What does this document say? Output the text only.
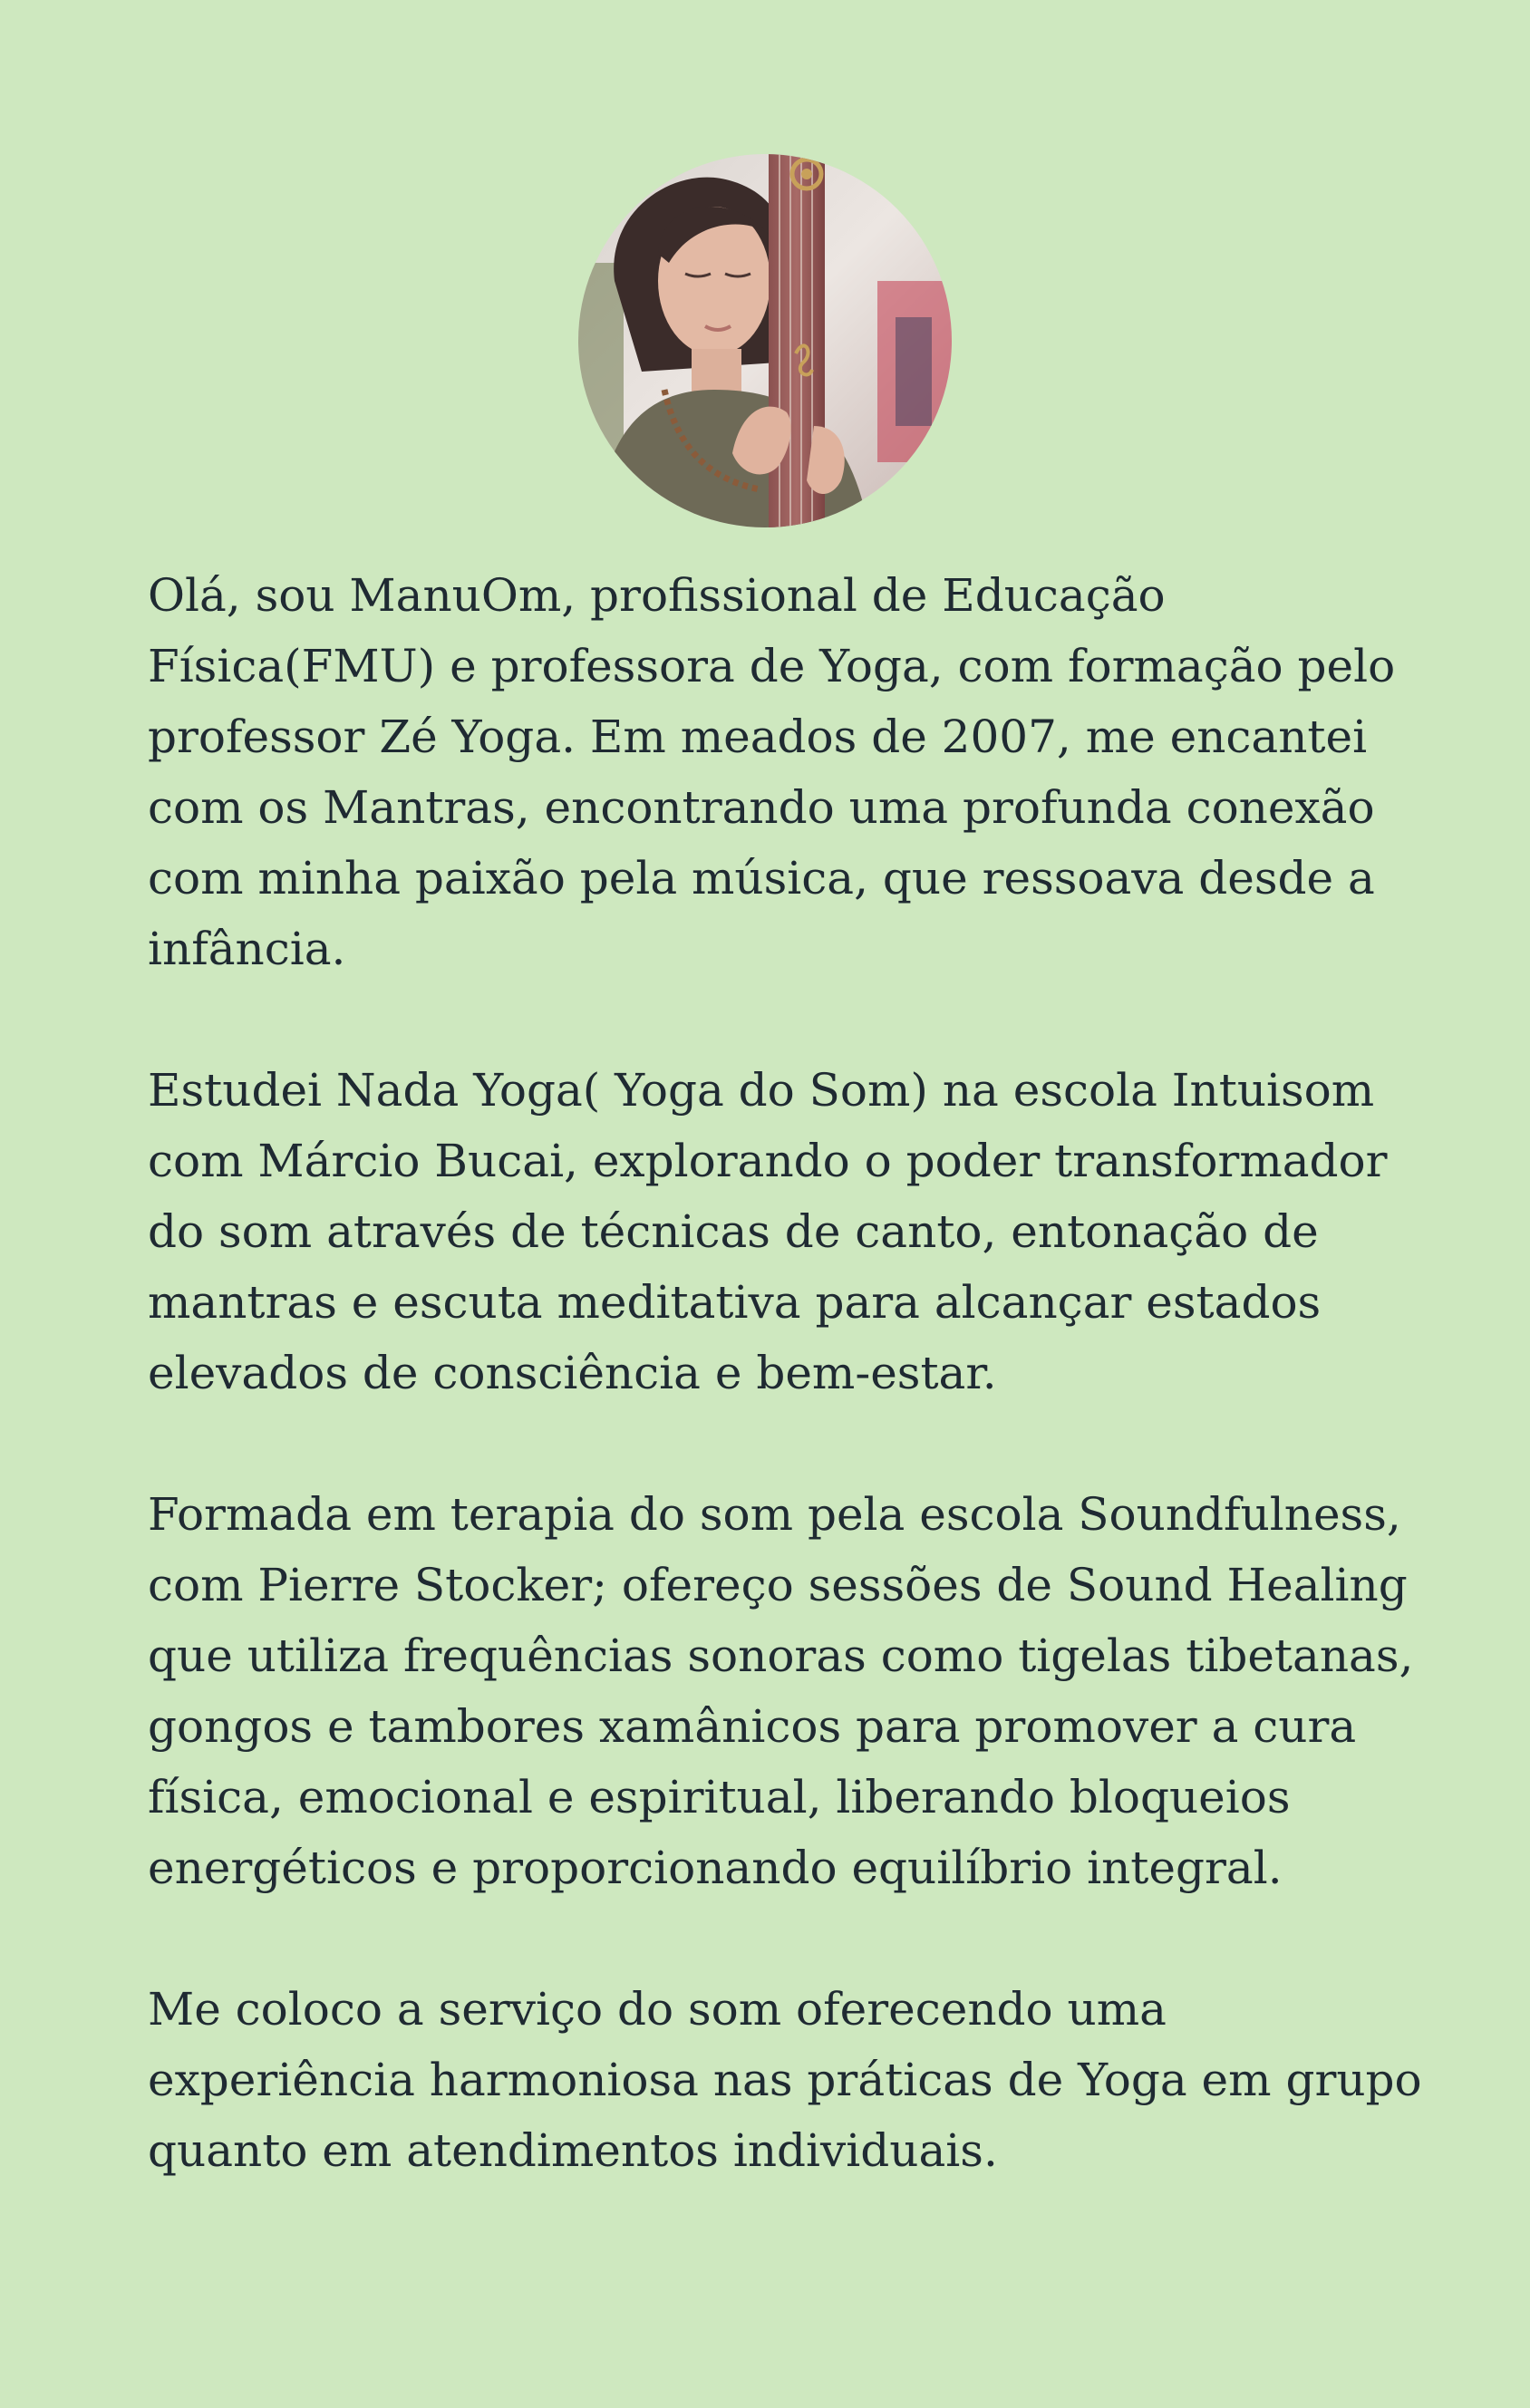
Olá, sou ManuOm, profissional de Educação Física(FMU) e professora de Yoga, com formação pelo professor Zé Yoga. Em meados de 2007, me encantei com os Mantras, encontrando uma profunda conexão com minha paixão pela música, que ressoava desde a infância.

Estudei Nada Yoga( Yoga do Som) na escola Intuisom com Márcio Bucai, explorando o poder transformador do som através de técnicas de canto, entonação de mantras e escuta meditativa para alcançar estados elevados de consciência e bem-estar.

Formada em terapia do som pela escola Soundfulness, com Pierre Stocker; ofereço sessões de Sound Healing que utiliza frequências sonoras como tigelas tibetanas, gongos e tambores xamânicos para promover a cura física, emocional e espiritual, liberando bloqueios energéticos e proporcionando equilíbrio integral.

Me coloco a serviço do som oferecendo uma experiência harmoniosa nas práticas de Yoga em grupo quanto em atendimentos individuais.
